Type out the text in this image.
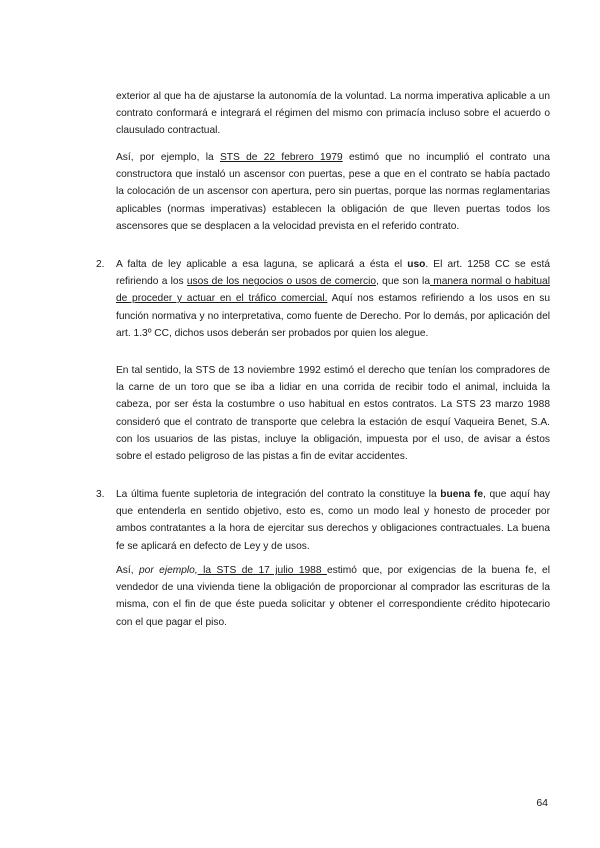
exterior al que ha de ajustarse la autonomía de la voluntad. La norma imperativa aplicable a un contrato conformará e integrará el régimen del mismo con primacía incluso sobre el acuerdo o clausulado contractual.

Así, por ejemplo, la STS de 22 febrero 1979 estimó que no incumplió el contrato una constructora que instaló un ascensor con puertas, pese a que en el contrato se había pactado la colocación de un ascensor con apertura, pero sin puertas, porque las normas reglamentarias aplicables (normas imperativas) establecen la obligación de que lleven puertas todos los ascensores que se desplacen a la velocidad prevista en el referido contrato.

2. A falta de ley aplicable a esa laguna, se aplicará a ésta el uso. El art. 1258 CC se está refiriendo a los usos de los negocios o usos de comercio, que son la manera normal o habitual de proceder y actuar en el tráfico comercial. Aquí nos estamos refiriendo a los usos en su función normativa y no interpretativa, como fuente de Derecho. Por lo demás, por aplicación del art. 1.3º CC, dichos usos deberán ser probados por quien los alegue.

En tal sentido, la STS de 13 noviembre 1992 estimó el derecho que tenían los compradores de la carne de un toro que se iba a lidiar en una corrida de recibir todo el animal, incluida la cabeza, por ser ésta la costumbre o uso habitual en estos contratos. La STS 23 marzo 1988 consideró que el contrato de transporte que celebra la estación de esquí Vaqueira Benet, S.A. con los usuarios de las pistas, incluye la obligación, impuesta por el uso, de avisar a éstos sobre el estado peligroso de las pistas a fin de evitar accidentes.

3. La última fuente supletoria de integración del contrato la constituye la buena fe, que aquí hay que entenderla en sentido objetivo, esto es, como un modo leal y honesto de proceder por ambos contratantes a la hora de ejercitar sus derechos y obligaciones contractuales. La buena fe se aplicará en defecto de Ley y de usos.

Así, por ejemplo, la STS de 17 julio 1988 estimó que, por exigencias de la buena fe, el vendedor de una vivienda tiene la obligación de proporcionar al comprador las escrituras de la misma, con el fin de que éste pueda solicitar y obtener el correspondiente crédito hipotecario con el que pagar el piso.

64
